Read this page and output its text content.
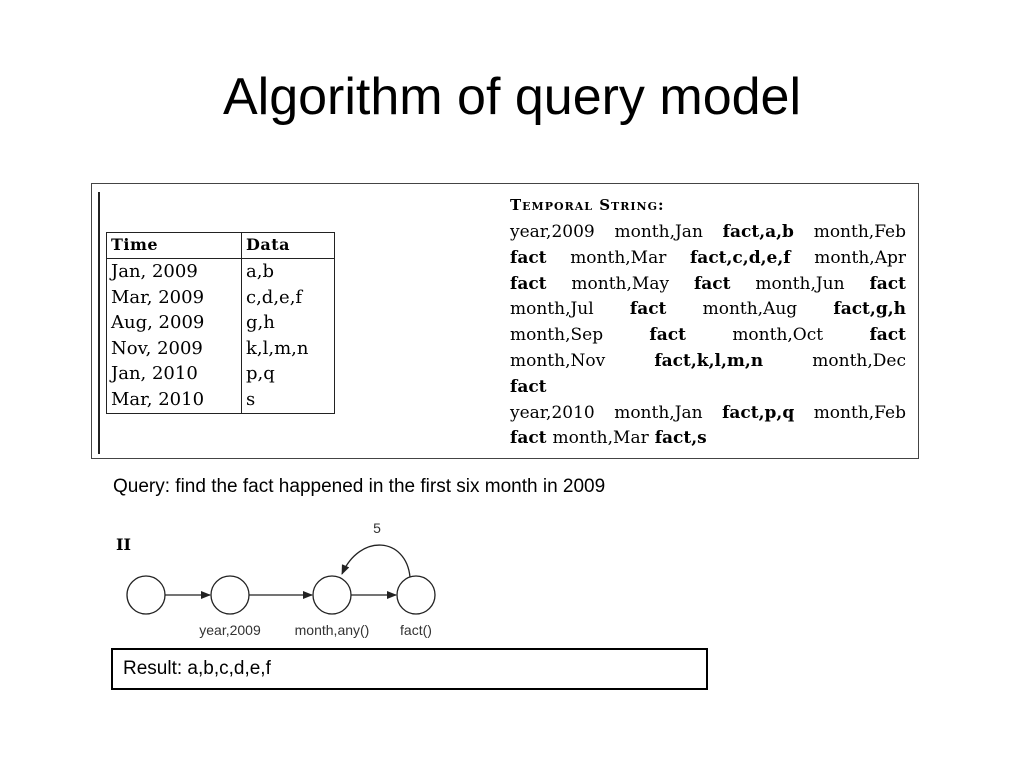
Algorithm of query model
Time	Data
Jan, 2009	a,b
Mar, 2009	c,d,e,f
Aug, 2009	g,h
Nov, 2009	k,l,m,n
Jan, 2010	p,q
Mar, 2010	s
Temporal String:
year,2009 month,Jan fact,a,b month,Feb
fact month,Mar fact,c,d,e,f month,Apr
fact month,May fact month,Jun fact
month,Jul fact month,Aug fact,g,h
month,Sep	fact	month,Oct	fact
month,Nov	fact,k,l,m,n	month,Dec
fact
year,2010 month,Jan fact,p,q month,Feb
fact month,Mar fact,s
Query: find the fact happened in the first six month in 2009
II
5
year,2009 month,any() fact()
Result: a,b,c,d,e,f
